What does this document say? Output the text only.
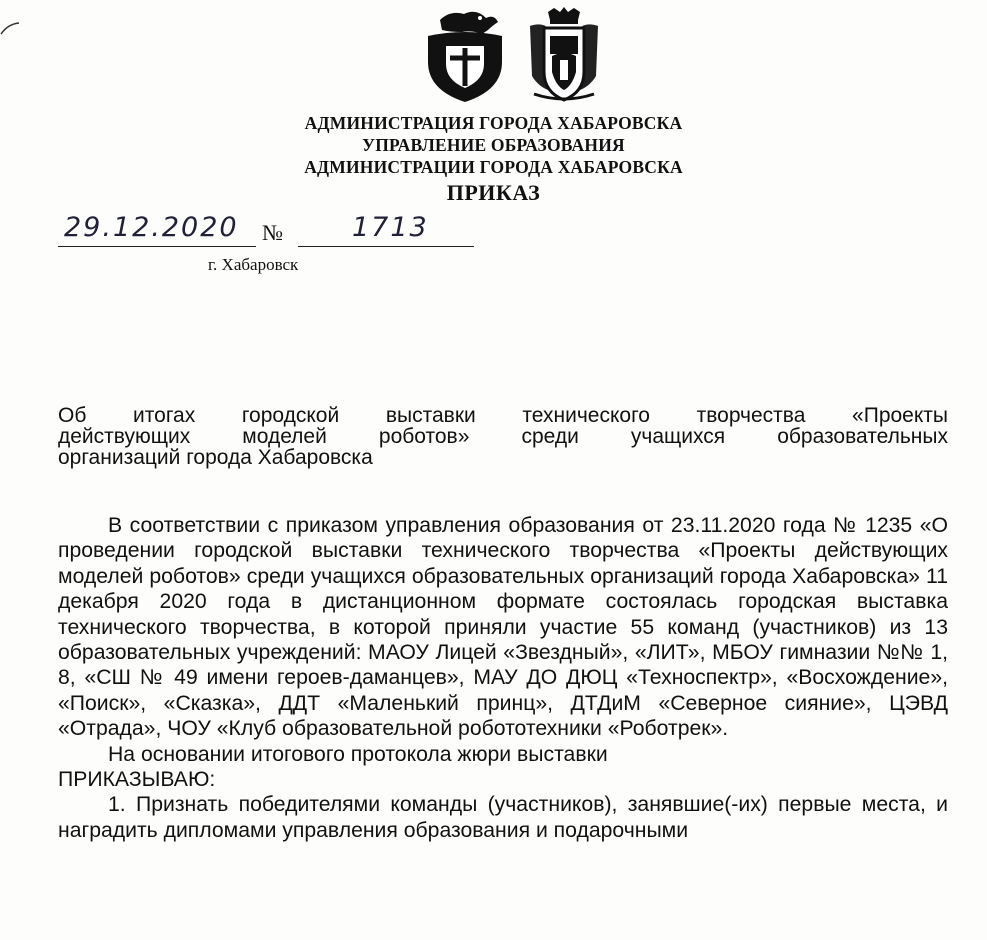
АДМИНИСТРАЦИЯ ГОРОДА ХАБАРОВСКА
УПРАВЛЕНИЕ ОБРАЗОВАНИЯ
АДМИНИСТРАЦИИ ГОРОДА ХАБАРОВСКА
ПРИКАЗ
29.12.2020 №	1713
г. Хабаровск
Об итогах городской выставки технического творчества «Проекты
действующих моделей роботов» среди учащихся образовательных
организаций города Хабаровска

В соответствии с приказом управления образования от 23.11.2020 года № 1235 «О проведении городской выставки технического творчества «Проекты действующих моделей роботов» среди учащихся образовательных организаций города Хабаровска» 11 декабря 2020 года в дистанционном формате состоялась городская выставка технического творчества, в которой приняли участие 55 команд (участников) из 13 образовательных учреждений: МАОУ Лицей «Звездный», «ЛИТ», МБОУ гимназии №№ 1, 8, «СШ № 49 имени героев-даманцев», МАУ ДО ДЮЦ «Техноспектр», «Восхождение», «Поиск», «Сказка», ДДТ «Маленький принц», ДТДиМ «Северное сияние», ЦЭВД «Отрада», ЧОУ «Клуб образовательной робототехники «Роботрек».

На основании итогового протокола жюри выставки

ПРИКАЗЫВАЮ:

1. Признать победителями команды (участников), занявшие(-их) первые места, и наградить дипломами управления образования и подарочными
